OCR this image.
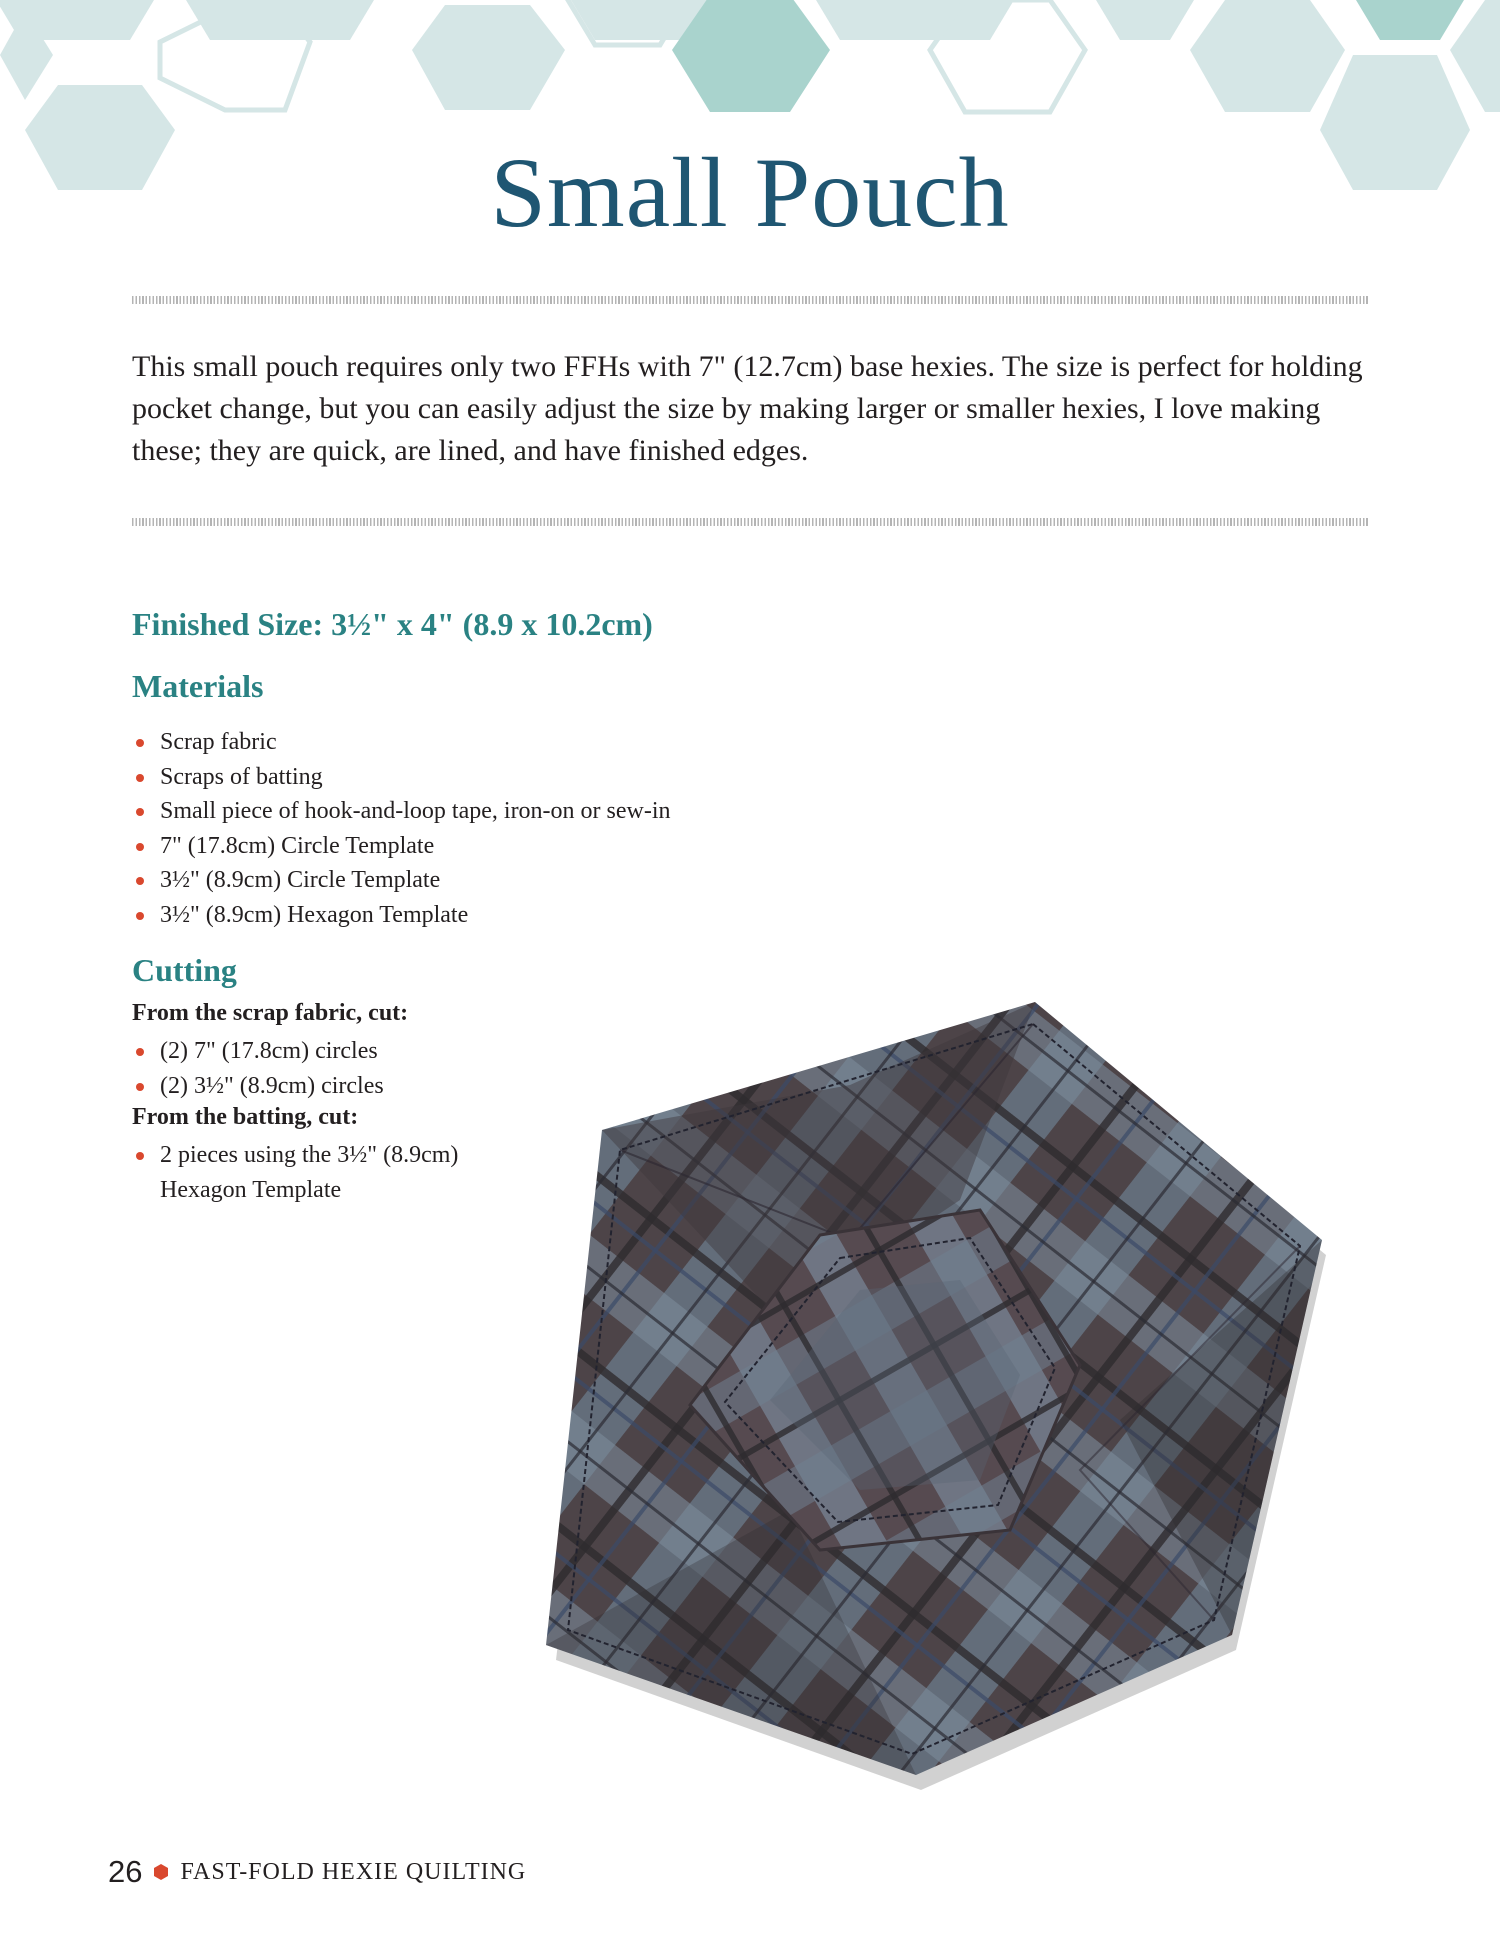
Small Pouch

This small pouch requires only two FFHs with 7" (12.7cm) base hexies. The size is perfect for holding pocket change, but you can easily adjust the size by making larger or smaller hexies, I love making these; they are quick, are lined, and have finished edges.

Finished Size: 3½" x 4" (8.9 x 10.2cm)
Materials
Scrap fabric
Scraps of batting
Small piece of hook-and-loop tape, iron-on or sew-in
7" (17.8cm) Circle Template
3½" (8.9cm) Circle Template
3½" (8.9cm) Hexagon Template
Cutting

From the scrap fabric, cut:

(2) 7" (17.8cm) circles
(2) 3½" (8.9cm) circles

From the batting, cut:

2 pieces using the 3½" (8.9cm) Hexagon Template
26 FAST-FOLD HEXIE QUILTING
